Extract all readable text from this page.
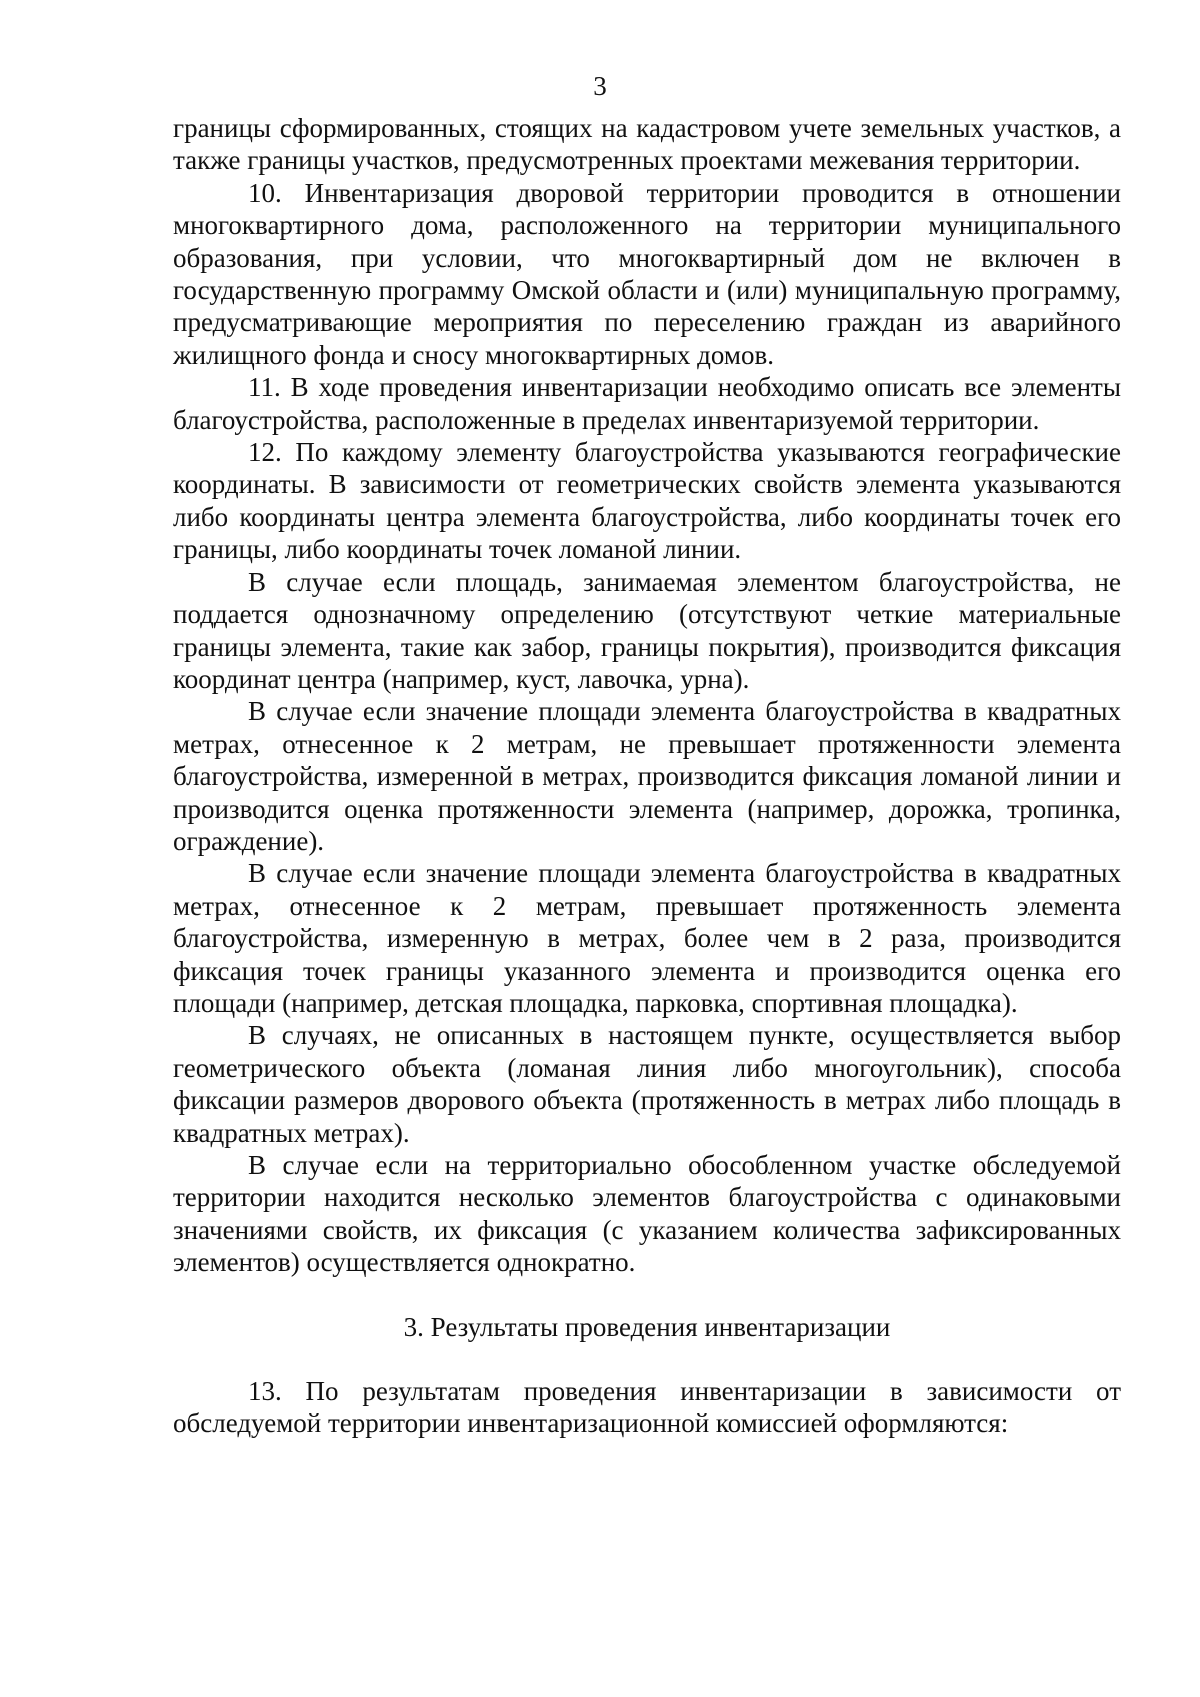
3

границы сформированных, стоящих на кадастровом учете земельных участков, а также границы участков, предусмотренных проектами межевания территории.

10. Инвентаризация дворовой территории проводится в отношении многоквартирного дома, расположенного на территории муниципального образования, при условии, что многоквартирный дом не включен в государственную программу Омской области и (или) муниципальную программу, предусматривающие мероприятия по переселению граждан из аварийного жилищного фонда и сносу многоквартирных домов.

11. В ходе проведения инвентаризации необходимо описать все элементы благоустройства, расположенные в пределах инвентаризуемой территории.

12. По каждому элементу благоустройства указываются географические координаты. В зависимости от геометрических свойств элемента указываются либо координаты центра элемента благоустройства, либо координаты точек его границы, либо координаты точек ломаной линии.

В случае если площадь, занимаемая элементом благоустройства, не поддается однозначному определению (отсутствуют четкие материальные границы элемента, такие как забор, границы покрытия), производится фиксация координат центра (например, куст, лавочка, урна).

В случае если значение площади элемента благоустройства в квадратных метрах, отнесенное к 2 метрам, не превышает протяженности элемента благоустройства, измеренной в метрах, производится фиксация ломаной линии и производится оценка протяженности элемента (например, дорожка, тропинка, ограждение).

В случае если значение площади элемента благоустройства в квадратных метрах, отнесенное к 2 метрам, превышает протяженность элемента благоустройства, измеренную в метрах, более чем в 2 раза, производится фиксация точек границы указанного элемента и производится оценка его площади (например, детская площадка, парковка, спортивная площадка).

В случаях, не описанных в настоящем пункте, осуществляется выбор геометрического объекта (ломаная линия либо многоугольник), способа фиксации размеров дворового объекта (протяженность в метрах либо площадь в квадратных метрах).

В случае если на территориально обособленном участке обследуемой территории находится несколько элементов благоустройства с одинаковыми значениями свойств, их фиксация (с указанием количества зафиксированных элементов) осуществляется однократно.

3. Результаты проведения инвентаризации

13. По результатам проведения инвентаризации в зависимости от обследуемой территории инвентаризационной комиссией оформляются:
